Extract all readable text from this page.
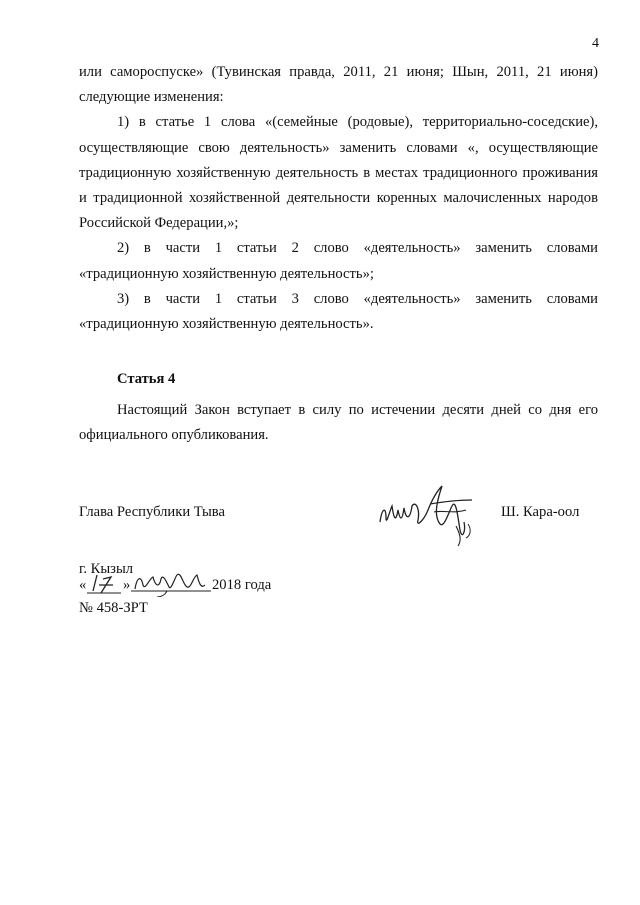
4

или самороспуске» (Тувинская правда, 2011, 21 июня; Шын, 2011, 21 июня) следующие изменения:

1) в статье 1 слова «(семейные (родовые), территориально-соседские), осуществляющие свою деятельность» заменить словами «, осуществляющие традиционную хозяйственную деятельность в местах традиционного проживания и традиционной хозяйственной деятельности коренных малочисленных народов Российской Федерации,»;

2) в части 1 статьи 2 слово «деятельность» заменить словами «традиционную хозяйственную деятельность»;

3) в части 1 статьи 3 слово «деятельность» заменить словами «традиционную хозяйственную деятельность».

Статья 4

Настоящий Закон вступает в силу по истечении десяти дней со дня его официального опубликования.

Глава Республики Тыва	Ш. Кара-оол
г. Кызыл
«	»	2018 года
№ 458-ЗРТ
